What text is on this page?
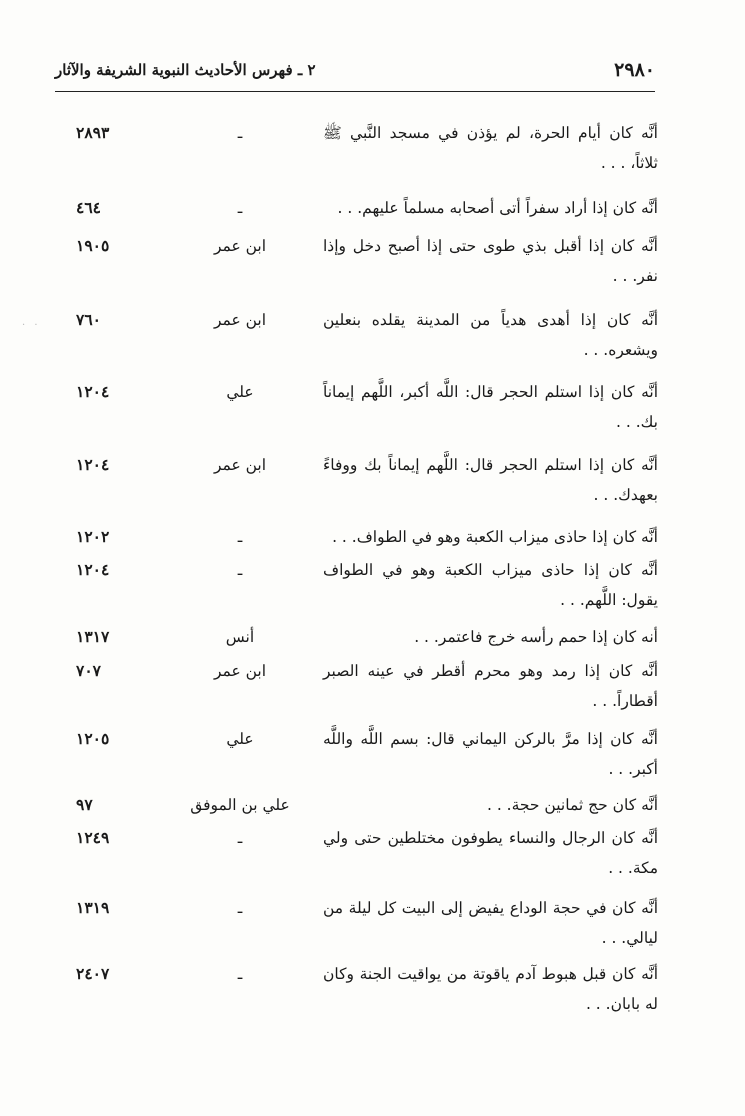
٢٩٨٠
٢ ـ فهرس الأحاديث النبوية الشريفة والآثار
أنَّه كان أيام الحرة، لم يؤذن في مسجد النَّبي ﷺ ثلاثاً، . . .
ـ
٢٨٩٣
أنَّه كان إذا أراد سفراً أتى أصحابه مسلماً عليهم. . .
ـ
٤٦٤
أنَّه كان إذا أقبل بذي طوى حتى إذا أصبح دخل وإذا نفر. . .
ابن عمر
١٩٠٥
أنَّه كان إذا أهدى هدياً من المدينة يقلده بنعلين ويشعره. . .
ابن عمر
٧٦٠
أنَّه كان إذا استلم الحجر قال: اللَّه أكبر، اللَّهم إيماناً بك. . .
علي
١٢٠٤
أنَّه كان إذا استلم الحجر قال: اللَّهم إيماناً بك ووفاءً بعهدك. . .
ابن عمر
١٢٠٤
أنَّه كان إذا حاذى ميزاب الكعبة وهو في الطواف. . .
ـ
١٢٠٢
أنَّه كان إذا حاذى ميزاب الكعبة وهو في الطواف يقول: اللَّهم. . .
ـ
١٢٠٤
أنه كان إذا حمم رأسه خرج فاعتمر. . .
أنس
١٣١٧
أنَّه كان إذا رمد وهو محرم أقطر في عينه الصبر أقطاراً. . .
ابن عمر
٧٠٧
أنَّه كان إذا مرَّ بالركن اليماني قال: بسم اللَّه واللَّه أكبر. . .
علي
١٢٠٥
أنَّه كان حج ثمانين حجة. . .
علي بن الموفق
٩٧
أنَّه كان الرجال والنساء يطوفون مختلطين حتى ولي مكة. . .
ـ
١٢٤٩
أنَّه كان في حجة الوداع يفيض إلى البيت كل ليلة من ليالي. . .
ـ
١٣١٩
أنَّه كان قبل هبوط آدم ياقوتة من يواقيت الجنة وكان له بابان. . .
ـ
٢٤٠٧
· ·
